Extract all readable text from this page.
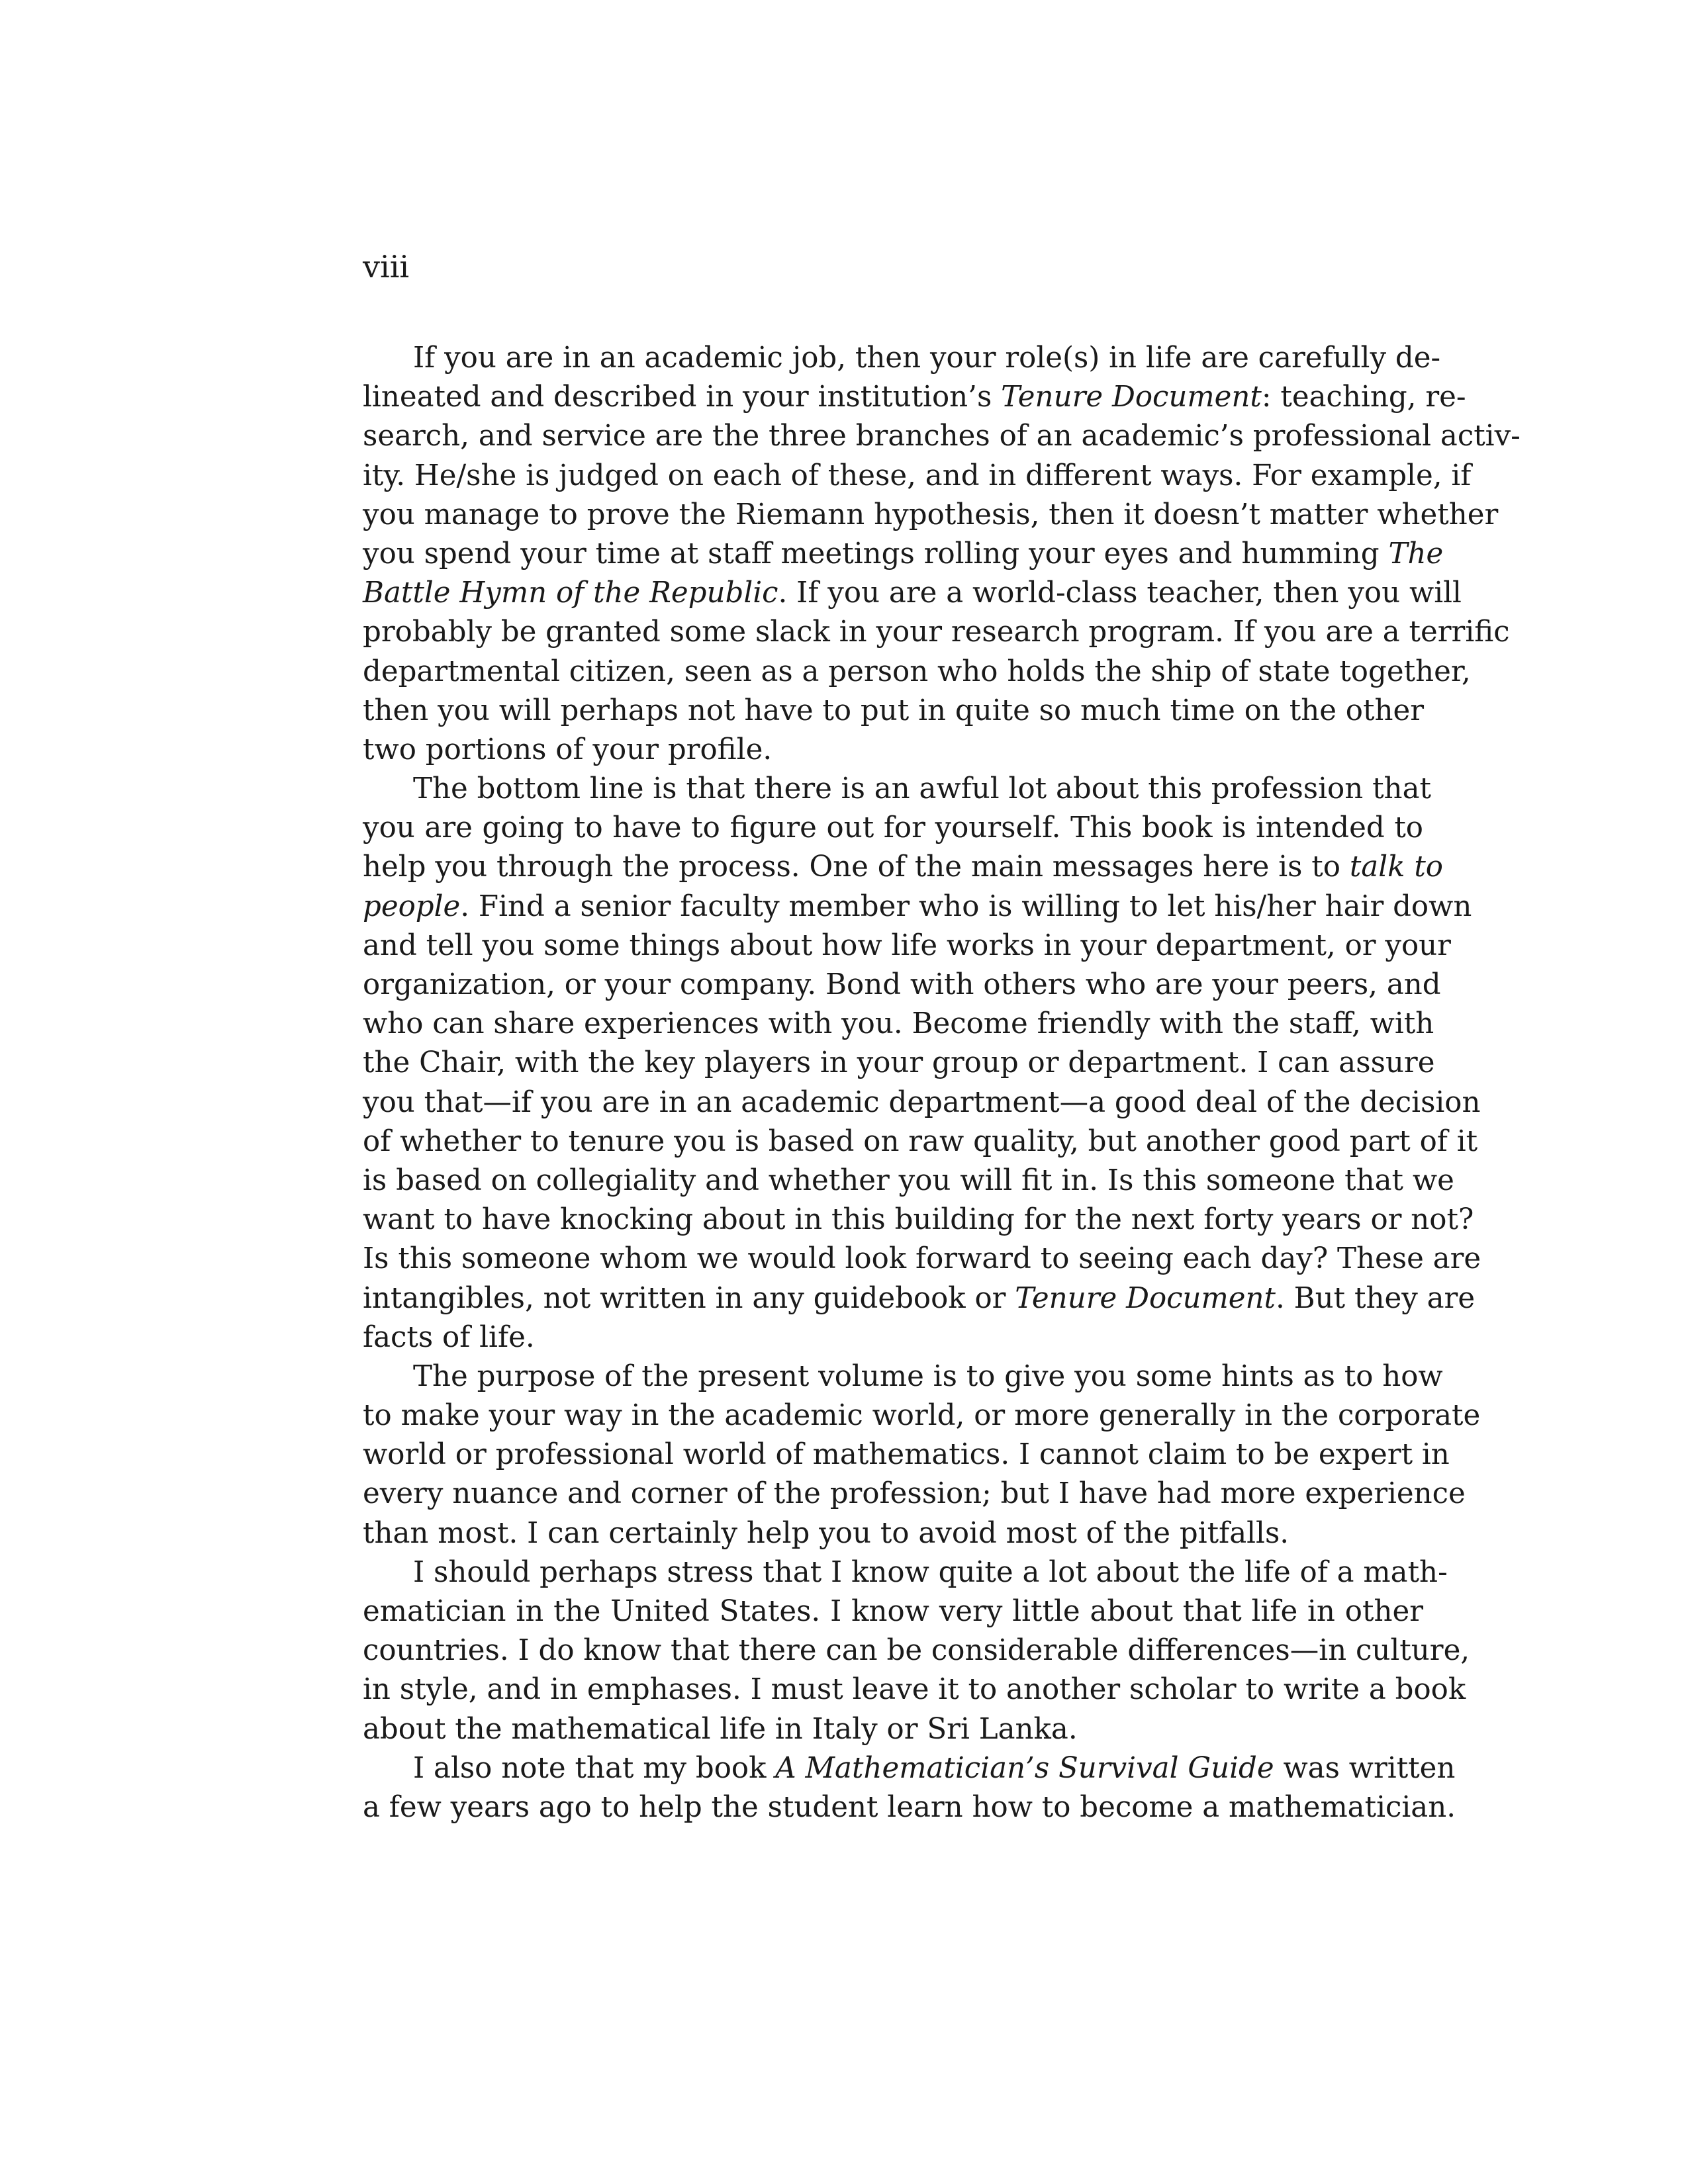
viii
If you are in an academic job, then your role(s) in life are carefully de-
lineated and described in your institution’s Tenure Document: teaching, re-
search, and service are the three branches of an academic’s professional activ-
ity. He/she is judged on each of these, and in different ways. For example, if
you manage to prove the Riemann hypothesis, then it doesn’t matter whether
you spend your time at staff meetings rolling your eyes and humming The
Battle Hymn of the Republic. If you are a world-class teacher, then you will
probably be granted some slack in your research program. If you are a terrific
departmental citizen, seen as a person who holds the ship of state together,
then you will perhaps not have to put in quite so much time on the other
two portions of your profile.
The bottom line is that there is an awful lot about this profession that
you are going to have to figure out for yourself. This book is intended to
help you through the process. One of the main messages here is to talk to
people. Find a senior faculty member who is willing to let his/her hair down
and tell you some things about how life works in your department, or your
organization, or your company. Bond with others who are your peers, and
who can share experiences with you. Become friendly with the staff, with
the Chair, with the key players in your group or department. I can assure
you that—if you are in an academic department—a good deal of the decision
of whether to tenure you is based on raw quality, but another good part of it
is based on collegiality and whether you will fit in. Is this someone that we
want to have knocking about in this building for the next forty years or not?
Is this someone whom we would look forward to seeing each day? These are
intangibles, not written in any guidebook or Tenure Document. But they are
facts of life.
The purpose of the present volume is to give you some hints as to how
to make your way in the academic world, or more generally in the corporate
world or professional world of mathematics. I cannot claim to be expert in
every nuance and corner of the profession; but I have had more experience
than most. I can certainly help you to avoid most of the pitfalls.
I should perhaps stress that I know quite a lot about the life of a math-
ematician in the United States. I know very little about that life in other
countries. I do know that there can be considerable differences—in culture,
in style, and in emphases. I must leave it to another scholar to write a book
about the mathematical life in Italy or Sri Lanka.
I also note that my book A Mathematician’s Survival Guide was written
a few years ago to help the student learn how to become a mathematician.
